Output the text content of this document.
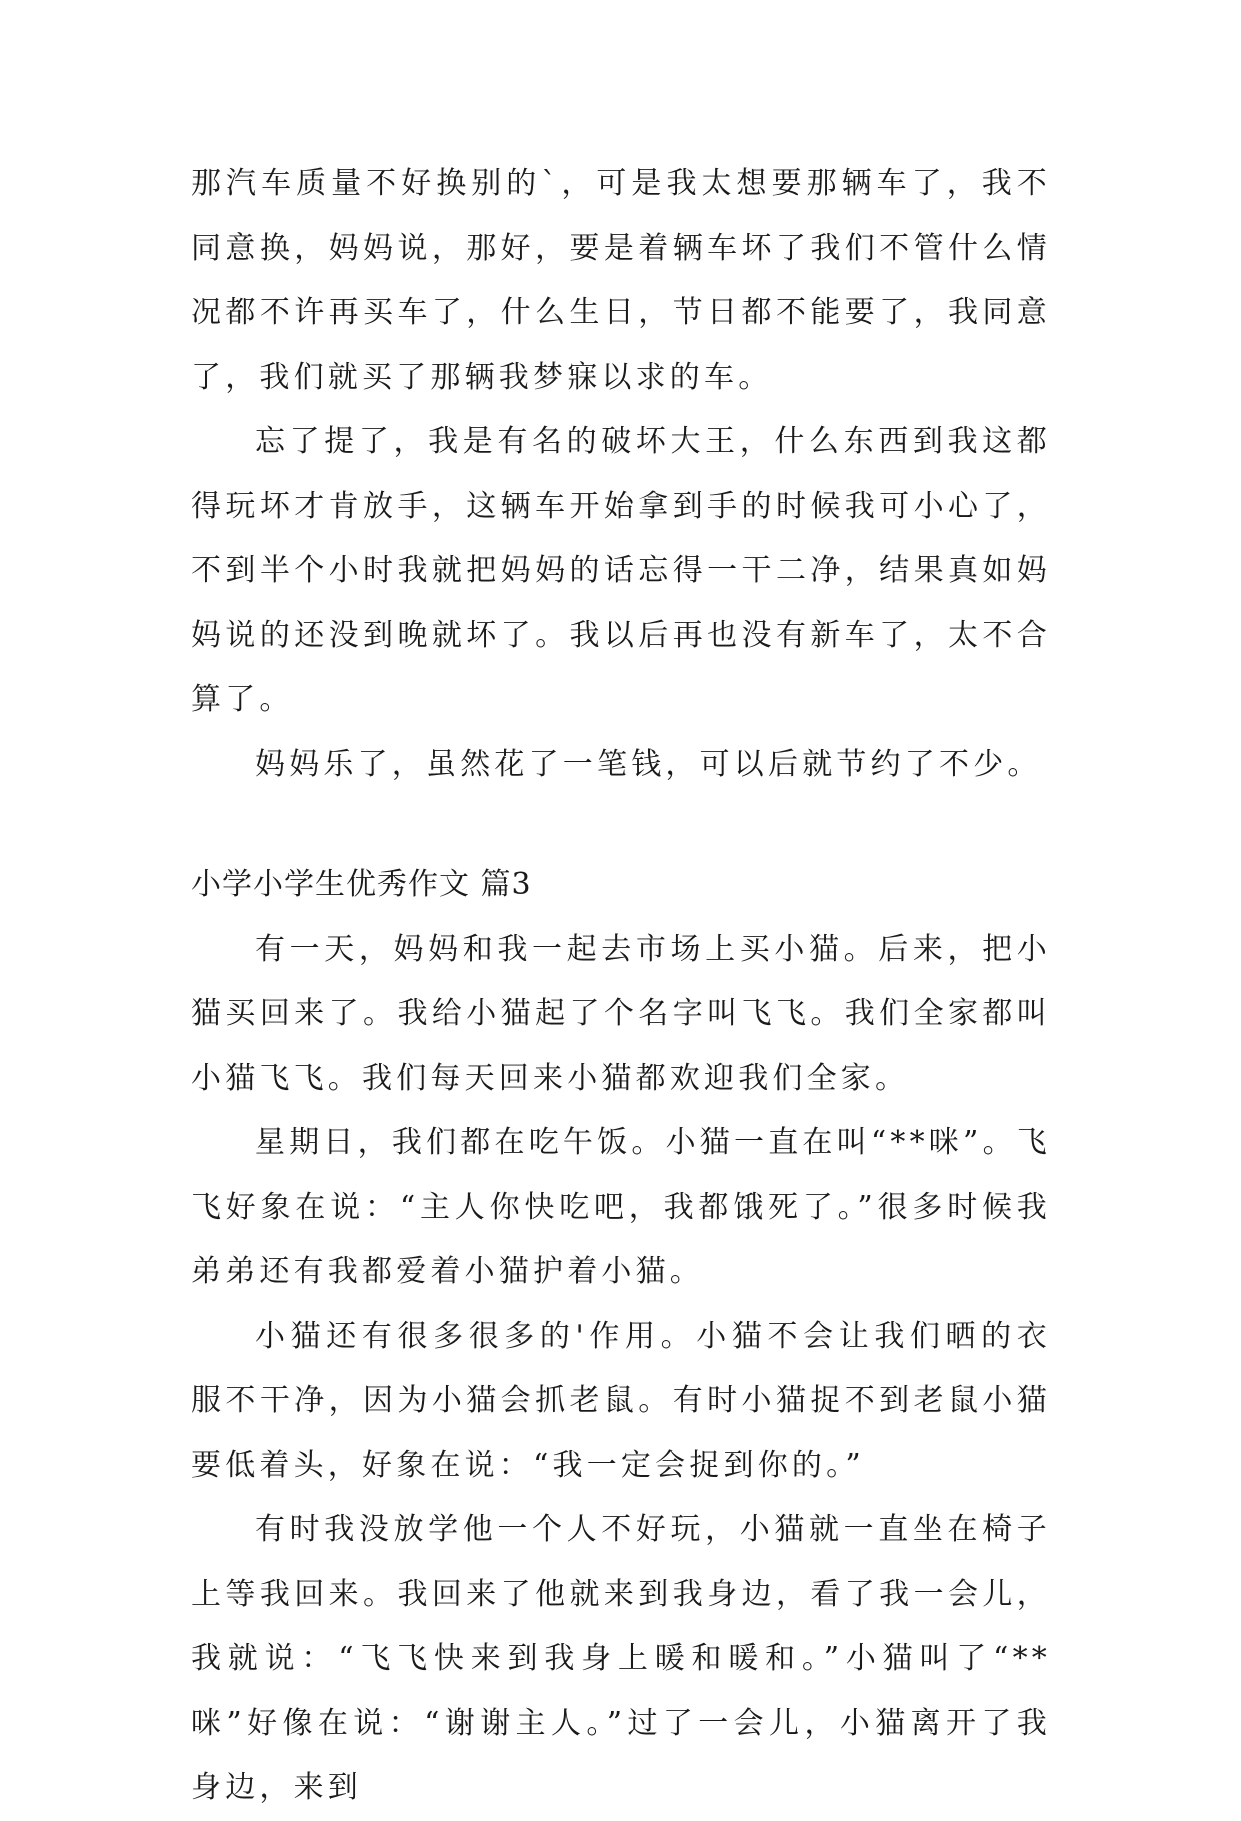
那汽车质量不好换别的`，可是我太想要那辆车了，我不同意换，妈妈说，那好，要是着辆车坏了我们不管什么情况都不许再买车了，什么生日，节日都不能要了，我同意了，我们就买了那辆我梦寐以求的车。

忘了提了，我是有名的破坏大王，什么东西到我这都得玩坏才肯放手，这辆车开始拿到手的时候我可小心了，不到半个小时我就把妈妈的话忘得一干二净，结果真如妈妈说的还没到晚就坏了。我以后再也没有新车了，太不合算了。

妈妈乐了，虽然花了一笔钱，可以后就节约了不少。

小学小学生优秀作文 篇3

有一天，妈妈和我一起去市场上买小猫。后来，把小猫买回来了。我给小猫起了个名字叫飞飞。我们全家都叫小猫飞飞。我们每天回来小猫都欢迎我们全家。

星期日，我们都在吃午饭。小猫一直在叫“**咪”。飞飞好象在说：“主人你快吃吧，我都饿死了。”很多时候我弟弟还有我都爱着小猫护着小猫。

小猫还有很多很多的'作用。小猫不会让我们晒的衣服不干净，因为小猫会抓老鼠。有时小猫捉不到老鼠小猫要低着头，好象在说：“我一定会捉到你的。”

有时我没放学他一个人不好玩，小猫就一直坐在椅子上等我回来。我回来了他就来到我身边，看了我一会儿，我就说：“飞飞快来到我身上暖和暖和。”小猫叫了“**咪”好像在说：“谢谢主人。”过了一会儿，小猫离开了我身边，来到
